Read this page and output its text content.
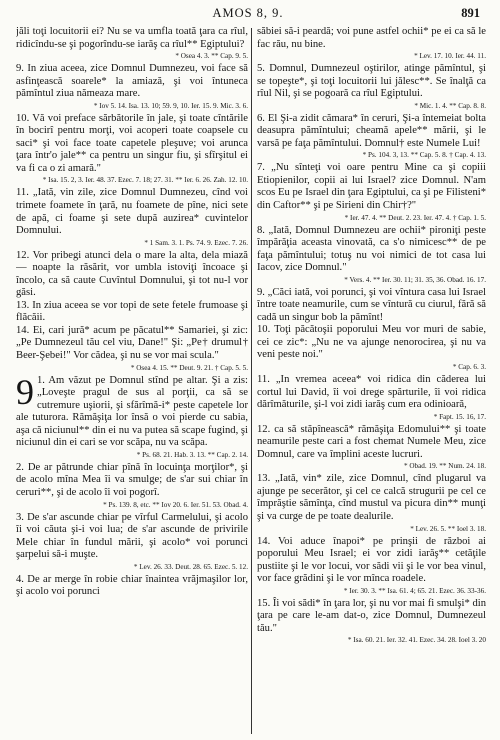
AMOS 8, 9.	891

jăli toţi locuitorii ei? Nu se va umfla toată ţara ca rîul, ridicîndu-se şi pogorîndu-se iarăş ca rîul** Egiptului?

* Osea 4. 3. ** Cap. 9. 5.

9. In ziua aceea, zice Domnul Dumnezeu, voi face să asfinţească soarele* la amiază, şi voi întuneca pămîntul ziua nămeaza mare.

* Iov 5. 14. Isa. 13. 10; 59. 9, 10. Ier. 15. 9. Mic. 3. 6.

10. Vă voi preface sărbătorile în jale, şi toate cîntările în bocirî pentru morţi, voi acoperi toate coapsele cu saci* şi voi face toate capetele pleşuve; voi arunca ţara într'o jale** ca pentru un singur fiu, şi sfîrşitul ei va fi ca o zi amară."

* Isa. 15. 2, 3. Ier. 48. 37. Ezec. 7. 18; 27. 31. ** Ier. 6. 26. Zah. 12. 10.

11. „Iată, vin zile, zice Domnul Dumnezeu, cînd voi trimete foamete în ţară, nu foamete de pîne, nici sete de apă, ci foame şi sete după auzirea* cuvintelor Domnului.

* 1 Sam. 3. 1. Ps. 74. 9. Ezec. 7. 26.

12. Vor pribegi atunci dela o mare la alta, dela miază — noapte la răsărit, vor umbla istoviţi încoace şi încolo, ca să caute Cuvîntul Domnului, şi tot nu-l vor găsi.

13. In ziua aceea se vor topi de sete fetele frumoase şi flăcăii.

14. Ei, cari jură* acum pe păcatul** Samariei, şi zic: „Pe Dumnezeul tău cel viu, Dane!" Şi: „Pe† drumul† Beer-Şebei!" Vor cădea, şi nu se vor mai scula."

* Osea 4. 15. ** Deut. 9. 21. † Cap. 5. 5.
9 1. Am văzut pe Domnul stînd pe altar. Şi a zis: „Loveşte pragul de sus al porţii, ca să se cutremure uşiorii, şi sfărîmă-i* peste capetele lor ale tuturora. Rămăşiţa lor însă o voi pierde cu sabia, aşa că niciunul** din ei nu va putea să scape fugind, şi niciunul din ei cari se vor scăpa, nu va scăpa.

* Ps. 68. 21. Hab. 3. 13. ** Cap. 2. 14.

2. De ar pătrunde chiar pînă în locuinţa morţilor*, şi de acolo mîna Mea îi va smulge; de s'ar sui chiar în ceruri**, şi de acolo îi voi pogorî.

* Ps. 139. 8, etc. ** Iov 20. 6. Ier. 51. 53. Obad. 4.

3. De s'ar ascunde chiar pe vîrful Carmelului, şi acolo îi voi căuta şi-i voi lua; de s'ar ascunde de privirile Mele chiar în fundul mării, şi acolo* voi porunci şarpelui să-i muşte.

* Lev. 26. 33. Deut. 28. 65. Ezec. 5. 12.

4. De ar merge în robie chiar înaintea vrăjmaşilor lor, şi acolo voi porunci

săbiei să-i peardă; voi pune astfel ochii* pe ei ca să le fac rău, nu bine.

* Lev. 17. 10. Ier. 44. 11.

5. Domnul, Dumnezeul oştirilor, atinge pămîntul, şi se topeşte*, şi toţi locuitorii lui jălesc**. Se înalţă ca rîul Nil, şi se pogoară ca rîul Egiptului.

* Mic. 1. 4. ** Cap. 8. 8.

6. El Şi-a zidit cămara* în ceruri, Şi-a întemeiat bolta deasupra pămîntului; cheamă apele** mării, şi le varsă pe faţa pămîntului. Domnul† este Numele Lui!

* Ps. 104. 3, 13. ** Cap. 5. 8. † Cap. 4. 13.

7. „Nu sînteţi voi oare pentru Mine ca şi copiii Etiopienilor, copii ai lui Israel? zice Domnul. N'am scos Eu pe Israel din ţara Egiptului, ca şi pe Filisteni* din Caftor** şi pe Sirieni din Chir†?"

* Ier. 47. 4. ** Deut. 2. 23. Ier. 47. 4. † Cap. 1. 5.

8. „Iată, Domnul Dumnezeu are ochii* pironiţi peste împărăţia aceasta vinovată, ca s'o nimicesc** de pe faţa pămîntului; totuş nu voi nimici de tot casa lui Iacov, zice Domnul."

* Vers. 4. ** Ier. 30. 11; 31. 35, 36. Obad. 16. 17.

9. „Căci iată, voi porunci, şi voi vîntura casa lui Israel între toate neamurile, cum se vîntură cu ciurul, fără să cadă un singur bob la pămînt!

10. Toţi păcătoşii poporului Meu vor muri de sabie, cei ce zic*: „Nu ne va ajunge nenorocirea, şi nu va veni peste noi."

* Cap. 6. 3.

11. „In vremea aceea* voi ridica din căderea lui cortul lui David, îi voi drege spărturile, îi voi ridica dărîmăturile, şi-l voi zidi iarăş cum era odinioară,

* Fapt. 15. 16, 17.

12. ca să stăpînească* rămăşiţa Edomului** şi toate neamurile peste cari a fost chemat Numele Meu, zice Domnul, care va împlini aceste lucruri.

* Obad. 19. ** Num. 24. 18.

13. „Iată, vin* zile, zice Domnul, cînd plugarul va ajunge pe secerător, şi cel ce calcă strugurii pe cel ce împrăştie sămînţa, cînd mustul va picura din** munţi şi va curge de pe toate dealurile.

* Lev. 26. 5. ** Ioel 3. 18.

14. Voi aduce înapoi* pe prinşii de război ai poporului Meu Israel; ei vor zidi iarăş** cetăţile pustiite şi le vor locui, vor sădi vii şi le vor bea vinul, vor face grădini şi le vor mînca roadele.

* Ier. 30. 3. ** Isa. 61. 4; 65. 21. Ezec. 36. 33-36.

15. Îi voi sădi* în ţara lor, şi nu vor mai fi smulşi* din ţara pe care le-am dat-o, zice Domnul, Dumnezeul tău."

* Isa. 60. 21. Ier. 32. 41. Ezec. 34. 28. Ioel 3. 20
